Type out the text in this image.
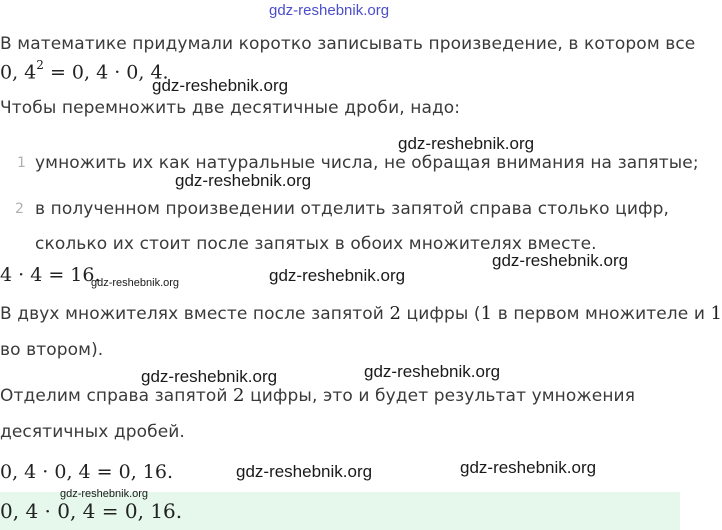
gdz-reshebnik.org
В математике придумали коротко записывать произведение, в котором все
0, $4^2 = 0$, 4 · 0, 4.
gdz-reshebnik.org
Чтобы перемножить две десятичные дроби, надо:
gdz-reshebnik.org
1 умножить их как натуральные числа, не обращая внимания на запятые;
gdz-reshebnik.org
2 в полученном произведении отделить запятой справа столько цифр,
сколько их стоит после запятых в обоих множителях вместе.
4 · 4 = 16.
gdz-reshebnik.org	gdz-reshebnik.org
gdz-reshebnik.org
В двух множителях вместе после запятой 2 цифры (1 в первом множителе и 1
во втором).
gdz-reshebnik.org	gdz-reshebnik.org
Отделим справа запятой 2 цифры, это и будет результат умножения
десятичных дробей.
0, 4 · 0, 4 = 0, 16.	gdz-reshebnik.org	gdz-reshebnik.org
gdz-reshebnik.org
0, 4 · 0, 4 = 0, 16.
